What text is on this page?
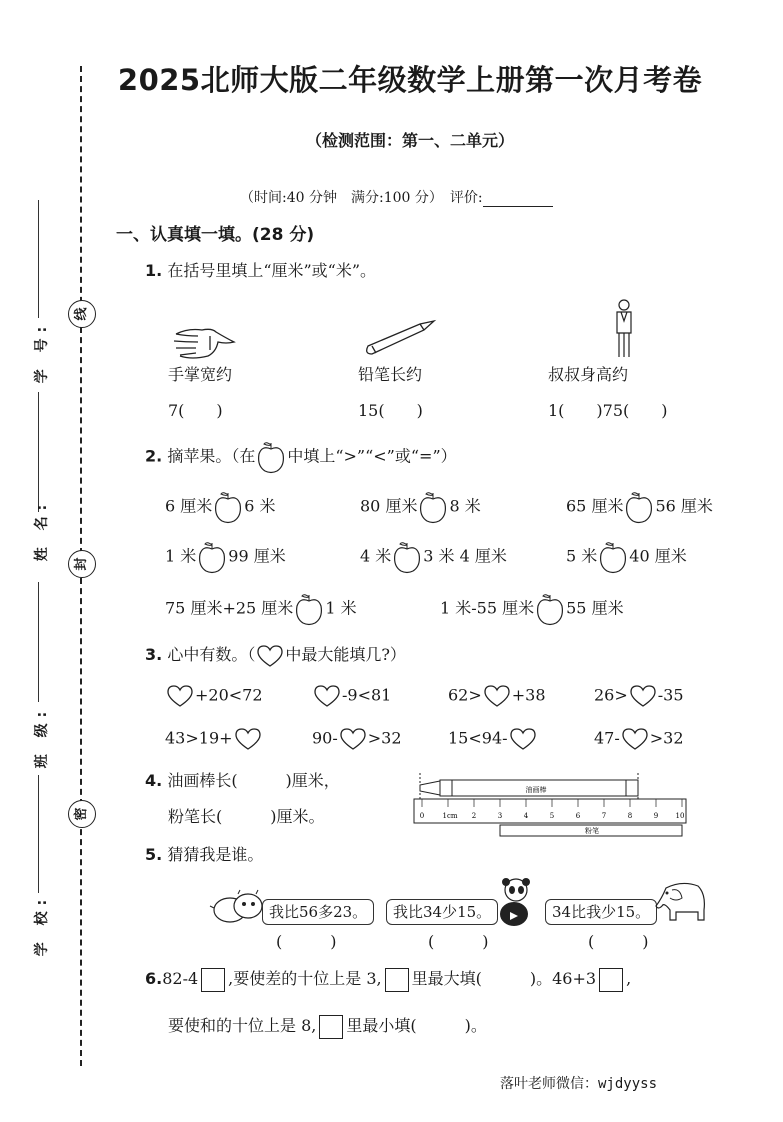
线
封
密
学 号:
姓 名:
班 级:
学 校:
2025北师大版二年级数学上册第一次月考卷
（检测范围：第一、二单元）
（时间:40 分钟　满分:100 分）　评价:
一、认真填一填。(28 分)
1. 在括号里填上“厘米”或“米”。
手掌宽约	铅笔长约	叔叔身高约
7(　　)	15(　　)	1(　　)75(　　)
2. 摘苹果。（在 中填上“>”“<”或“=”）
6 厘米 6 米	80 厘米 8 米	65 厘米 56 厘米
1 米 99 厘米	4 米 3 米 4 厘米	5 米 40 厘米
75 厘米+25 厘米 1 米	1 米-55 厘米 55 厘米
3. 心中有数。（ 中最大能填几?）
+20<72	-9<81	62> +38	26> -35
43>19+	90- >32	15<94-	47- >32
4. 油画棒长(　　　)厘米，
粉笔长(　　　)厘米。
油画棒
0	1cm 2	3	4	5	6	7	8	9 10
粉笔
5. 猜猜我是谁。
我比56多23。
(　　　)
我比34少15。
(　　　)
34比我少15。
(　　　)
6.82-4 ,要使差的十位上是 3, 里最大填(　　　)。46+3 ,
要使和的十位上是 8, 里最小填(　　　)。
落叶老师微信：wjdyyss
